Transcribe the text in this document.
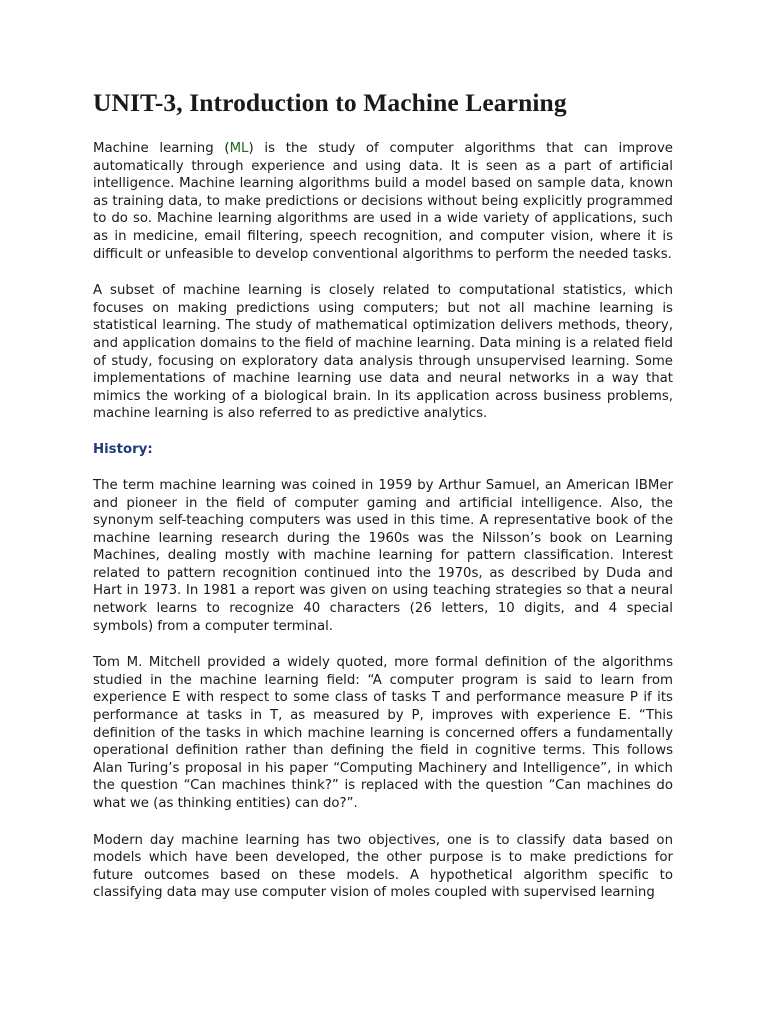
UNIT-3, Introduction to Machine Learning

Machine learning (ML) is the study of computer algorithms that can improve automatically through experience and using data. It is seen as a part of artificial intelligence. Machine learning algorithms build a model based on sample data, known as training data, to make predictions or decisions without being explicitly programmed to do so. Machine learning algorithms are used in a wide variety of applications, such as in medicine, email filtering, speech recognition, and computer vision, where it is difficult or unfeasible to develop conventional algorithms to perform the needed tasks.

A subset of machine learning is closely related to computational statistics, which focuses on making predictions using computers; but not all machine learning is statistical learning. The study of mathematical optimization delivers methods, theory, and application domains to the field of machine learning. Data mining is a related field of study, focusing on exploratory data analysis through unsupervised learning. Some implementations of machine learning use data and neural networks in a way that mimics the working of a biological brain. In its application across business problems, machine learning is also referred to as predictive analytics.

History:

The term machine learning was coined in 1959 by Arthur Samuel, an American IBMer and pioneer in the field of computer gaming and artificial intelligence. Also, the synonym self-teaching computers was used in this time. A representative book of the machine learning research during the 1960s was the Nilsson’s book on Learning Machines, dealing mostly with machine learning for pattern classification. Interest related to pattern recognition continued into the 1970s, as described by Duda and Hart in 1973. In 1981 a report was given on using teaching strategies so that a neural network learns to recognize 40 characters (26 letters, 10 digits, and 4 special symbols) from a computer terminal.

Tom M. Mitchell provided a widely quoted, more formal definition of the algorithms studied in the machine learning field: “A computer program is said to learn from experience E with respect to some class of tasks T and performance measure P if its performance at tasks in T, as measured by P, improves with experience E. “This definition of the tasks in which machine learning is concerned offers a fundamentally operational definition rather than defining the field in cognitive terms. This follows Alan Turing’s proposal in his paper “Computing Machinery and Intelligence”, in which the question “Can machines think?” is replaced with the question “Can machines do what we (as thinking entities) can do?”.

Modern day machine learning has two objectives, one is to classify data based on models which have been developed, the other purpose is to make predictions for future outcomes based on these models. A hypothetical algorithm specific to classifying data may use computer vision of moles coupled with supervised learning
